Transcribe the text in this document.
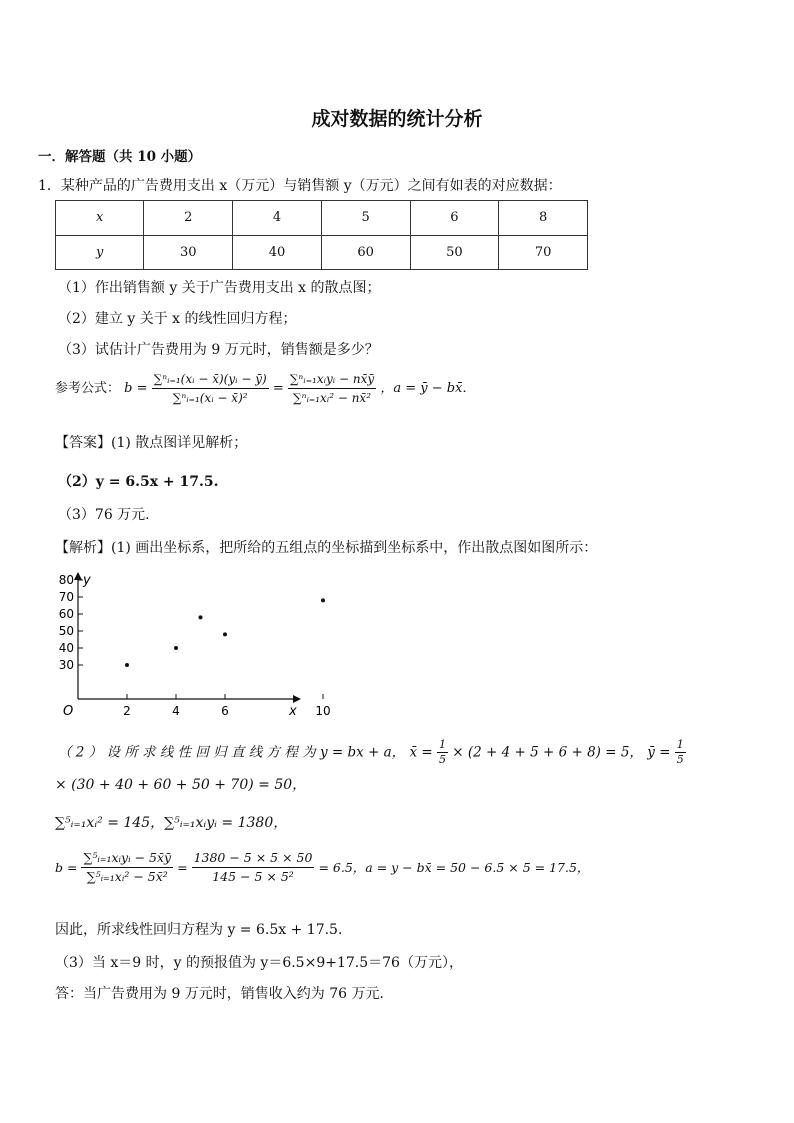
成对数据的统计分析
一．解答题（共 10 小题）
1．某种产品的广告费用支出 x（万元）与销售额 y（万元）之间有如表的对应数据：
x	2	4	5	6	8
y	30	40	60	50	70
（1）作出销售额 y 关于广告费用支出 x 的散点图；
（2）建立 y 关于 x 的线性回归方程；
（3）试估计广告费用为 9 万元时，销售额是多少？
参考公式： $b = \frac{\text{∑ⁿᵢ₌₁(xᵢ − x̄)(yᵢ − ȳ)}}{\text{∑ⁿᵢ₌₁(xᵢ − x̄)²}} = \frac{\text{∑ⁿᵢ₌₁xᵢyᵢ − nx̄ȳ}}{\text{∑ⁿᵢ₌₁xᵢ² − nx̄²}}$ ，a = ȳ − bx̄．
【答案】(1) 散点图详见解析；
（2）y = 6.5x + 17.5.
（3）76 万元.
【解析】(1) 画出坐标系，把所给的五组点的坐标描到坐标系中，作出散点图如图所示：
2	4	6	10
30
40
50
60
70
80
x
y
O
（ 2 ） 设 所 求 线 性 回 归 直 线 方 程 为 y = bx + a， x̄ = $\frac{1}{5} \times (2 + 4 + 5 + 6 + 8) = 5$， ȳ = $\frac{1}{5}$
× (30 + 40 + 60 + 50 + 70) = 50，
∑⁵ᵢ₌₁xᵢ² = 145，∑⁵ᵢ₌₁xᵢyᵢ = 1380，
$b = \frac{\text{∑⁵ᵢ₌₁xᵢyᵢ − 5x̄ȳ}}{\text{∑⁵ᵢ₌₁xᵢ² − 5x̄²}} = \frac{1380 - 5 \times 5 \times 50}{\text{145 − 5 × 5²}} = 6.5$，a = y − bx̄ = 50 − 6.5 × 5 = 17.5，
因此，所求线性回归方程为 y = 6.5x + 17.5.
（3）当 x＝9 时，y 的预报值为 y＝6.5×9+17.5＝76（万元），
答：当广告费用为 9 万元时，销售收入约为 76 万元.
